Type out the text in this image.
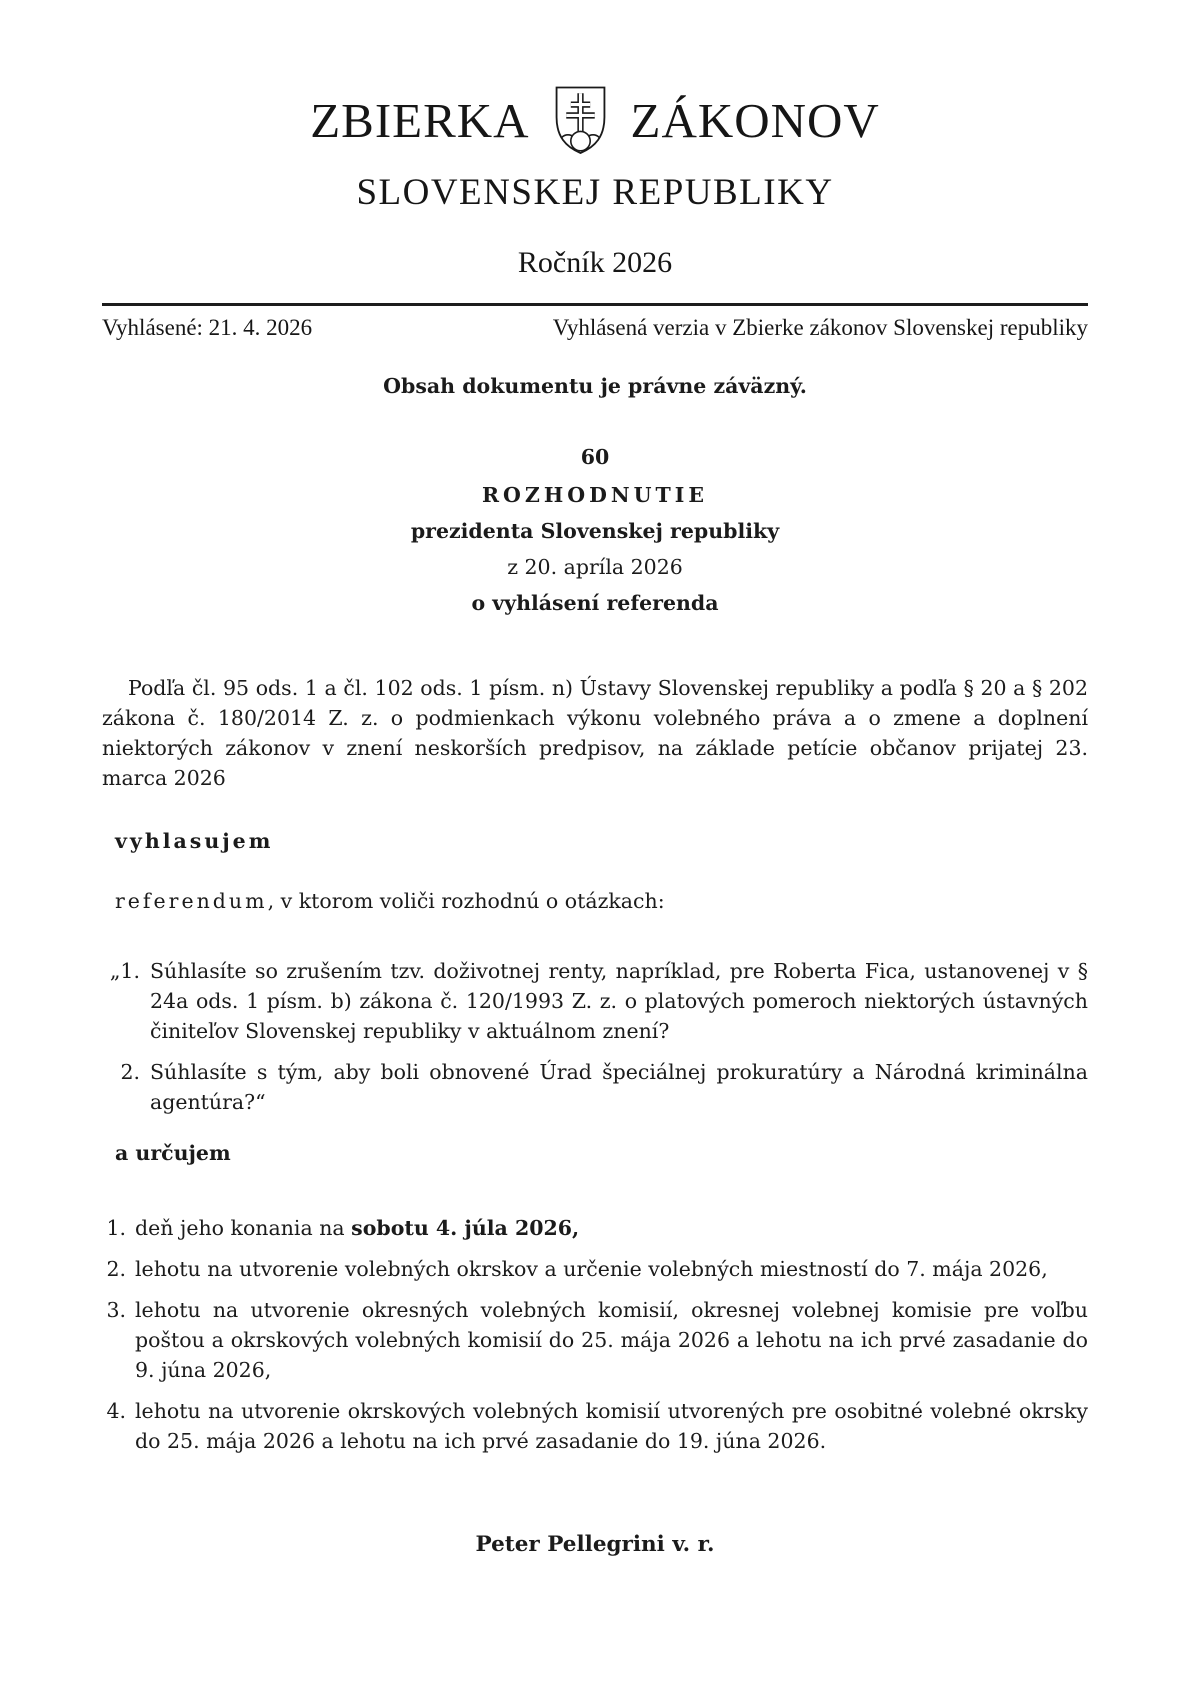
ZBIERKA ZÁKONOV
SLOVENSKEJ REPUBLIKY
Ročník 2026
Vyhlásené: 21. 4. 2026	Vyhlásená verzia v Zbierke zákonov Slovenskej republiky
Obsah dokumentu je právne záväzný.
60
ROZHODNUTIE
prezidenta Slovenskej republiky
z 20. apríla 2026
o vyhlásení referenda

Podľa čl. 95 ods. 1 a čl. 102 ods. 1 písm. n) Ústavy Slovenskej republiky a podľa § 20 a § 202 zákona č. 180/2014 Z. z. o podmienkach výkonu volebného práva a o zmene a doplnení niektorých zákonov v znení neskorších predpisov, na základe petície občanov prijatej 23. marca 2026

vyhlasujem
referendum, v ktorom voliči rozhodnú o otázkach:
„1. Súhlasíte so zrušením tzv. doživotnej renty, napríklad, pre Roberta Fica, ustanovenej v § 24a ods. 1 písm. b) zákona č. 120/1993 Z. z. o platových pomeroch niektorých ústavných činiteľov Slovenskej republiky v aktuálnom znení?
2. Súhlasíte s tým, aby boli obnovené Úrad špeciálnej prokuratúry a Národná kriminálna agentúra?“
a určujem
1. deň jeho konania na sobotu 4. júla 2026,
2. lehotu na utvorenie volebných okrskov a určenie volebných miestností do 7. mája 2026,
3. lehotu na utvorenie okresných volebných komisií, okresnej volebnej komisie pre voľbu poštou a okrskových volebných komisií do 25. mája 2026 a lehotu na ich prvé zasadanie do 9. júna 2026,
4. lehotu na utvorenie okrskových volebných komisií utvorených pre osobitné volebné okrsky do 25. mája 2026 a lehotu na ich prvé zasadanie do 19. júna 2026.
Peter Pellegrini v. r.
